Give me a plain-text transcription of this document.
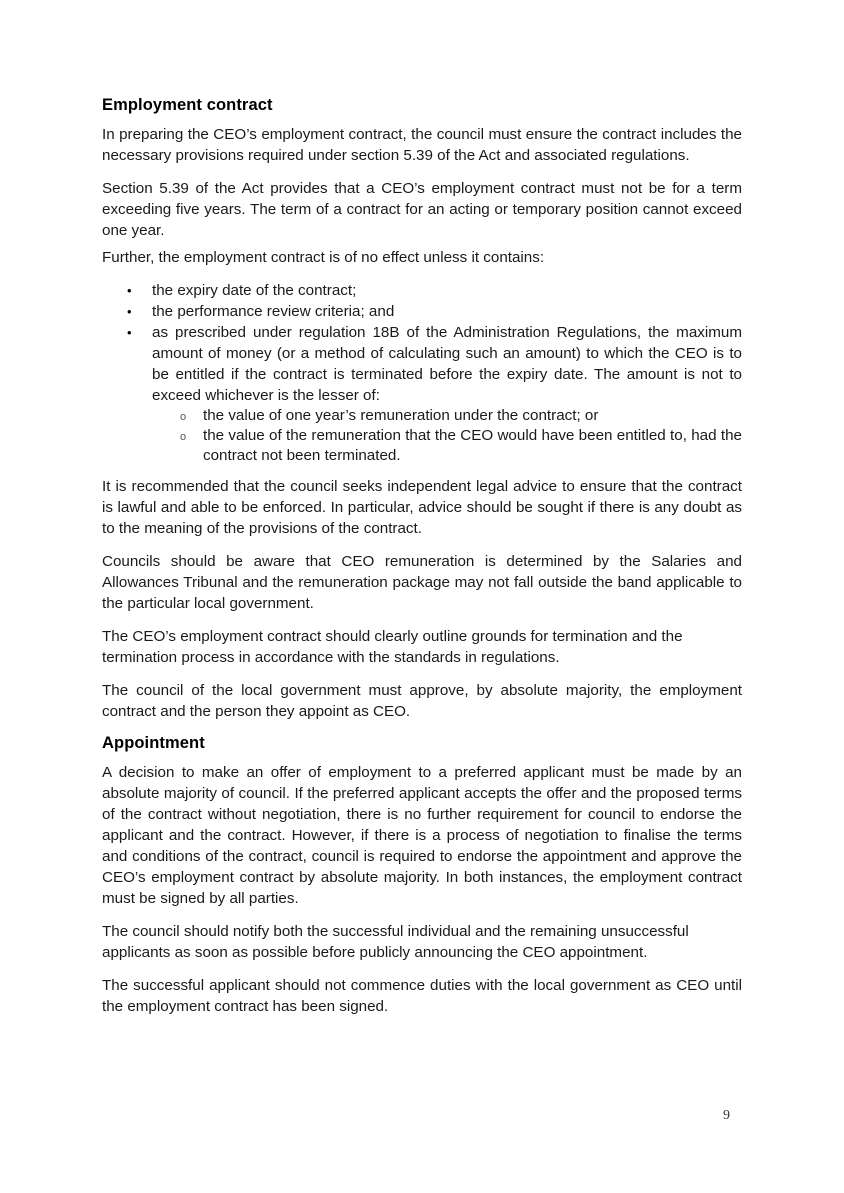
Employment contract

In preparing the CEO’s employment contract, the council must ensure the contract includes the necessary provisions required under section 5.39 of the Act and associated regulations.

Section 5.39 of the Act provides that a CEO’s employment contract must not be for a term exceeding five years. The term of a contract for an acting or temporary position cannot exceed one year.

Further, the employment contract is of no effect unless it contains:

• the expiry date of the contract;
• the performance review criteria; and
• as prescribed under regulation 18B of the Administration Regulations, the maximum amount of money (or a method of calculating such an amount) to which the CEO is to be entitled if the contract is terminated before the expiry date. The amount is not to exceed whichever is the lesser of:
o the value of one year’s remuneration under the contract; or
o the value of the remuneration that the CEO would have been entitled to, had the contract not been terminated.

It is recommended that the council seeks independent legal advice to ensure that the contract is lawful and able to be enforced. In particular, advice should be sought if there is any doubt as to the meaning of the provisions of the contract.

Councils should be aware that CEO remuneration is determined by the Salaries and Allowances Tribunal and the remuneration package may not fall outside the band applicable to the particular local government.

The CEO’s employment contract should clearly outline grounds for termination and the termination process in accordance with the standards in regulations.

The council of the local government must approve, by absolute majority, the employment contract and the person they appoint as CEO.

Appointment

A decision to make an offer of employment to a preferred applicant must be made by an absolute majority of council. If the preferred applicant accepts the offer and the proposed terms of the contract without negotiation, there is no further requirement for council to endorse the applicant and the contract. However, if there is a process of negotiation to finalise the terms and conditions of the contract, council is required to endorse the appointment and approve the CEO’s employment contract by absolute majority. In both instances, the employment contract must be signed by all parties.

The council should notify both the successful individual and the remaining unsuccessful applicants as soon as possible before publicly announcing the CEO appointment.

The successful applicant should not commence duties with the local government as CEO until the employment contract has been signed.

9
